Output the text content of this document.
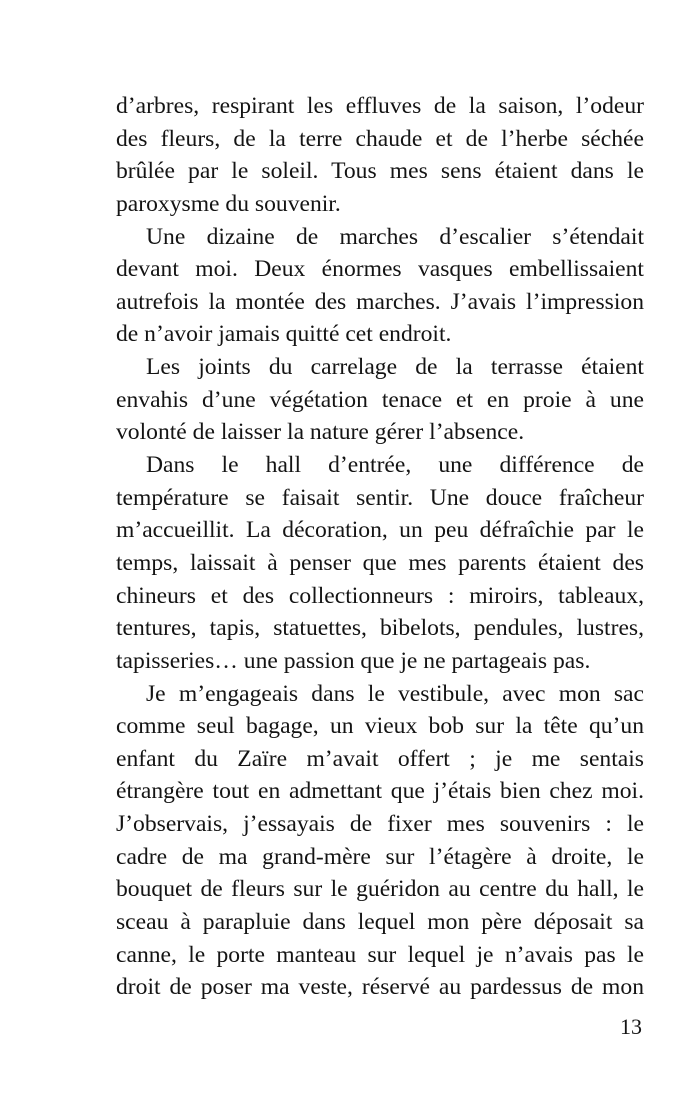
d’arbres, respirant les effluves de la saison, l’odeur
des fleurs, de la terre chaude et de l’herbe séchée
brûlée par le soleil. Tous mes sens étaient dans le
paroxysme du souvenir.
Une dizaine de marches d’escalier s’étendait
devant moi. Deux énormes vasques embellissaient
autrefois la montée des marches. J’avais l’impression
de n’avoir jamais quitté cet endroit.
Les joints du carrelage de la terrasse étaient
envahis d’une végétation tenace et en proie à une
volonté de laisser la nature gérer l’absence.
Dans le hall d’entrée, une différence de
température se faisait sentir. Une douce fraîcheur
m’accueillit. La décoration, un peu défraîchie par le
temps, laissait à penser que mes parents étaient des
chineurs et des collectionneurs : miroirs, tableaux,
tentures, tapis, statuettes, bibelots, pendules, lustres,
tapisseries… une passion que je ne partageais pas.
Je m’engageais dans le vestibule, avec mon sac
comme seul bagage, un vieux bob sur la tête qu’un
enfant du Zaïre m’avait offert ; je me sentais
étrangère tout en admettant que j’étais bien chez moi.
J’observais, j’essayais de fixer mes souvenirs : le
cadre de ma grand-mère sur l’étagère à droite, le
bouquet de fleurs sur le guéridon au centre du hall, le
sceau à parapluie dans lequel mon père déposait sa
canne, le porte manteau sur lequel je n’avais pas le
droit de poser ma veste, réservé au pardessus de mon
13
